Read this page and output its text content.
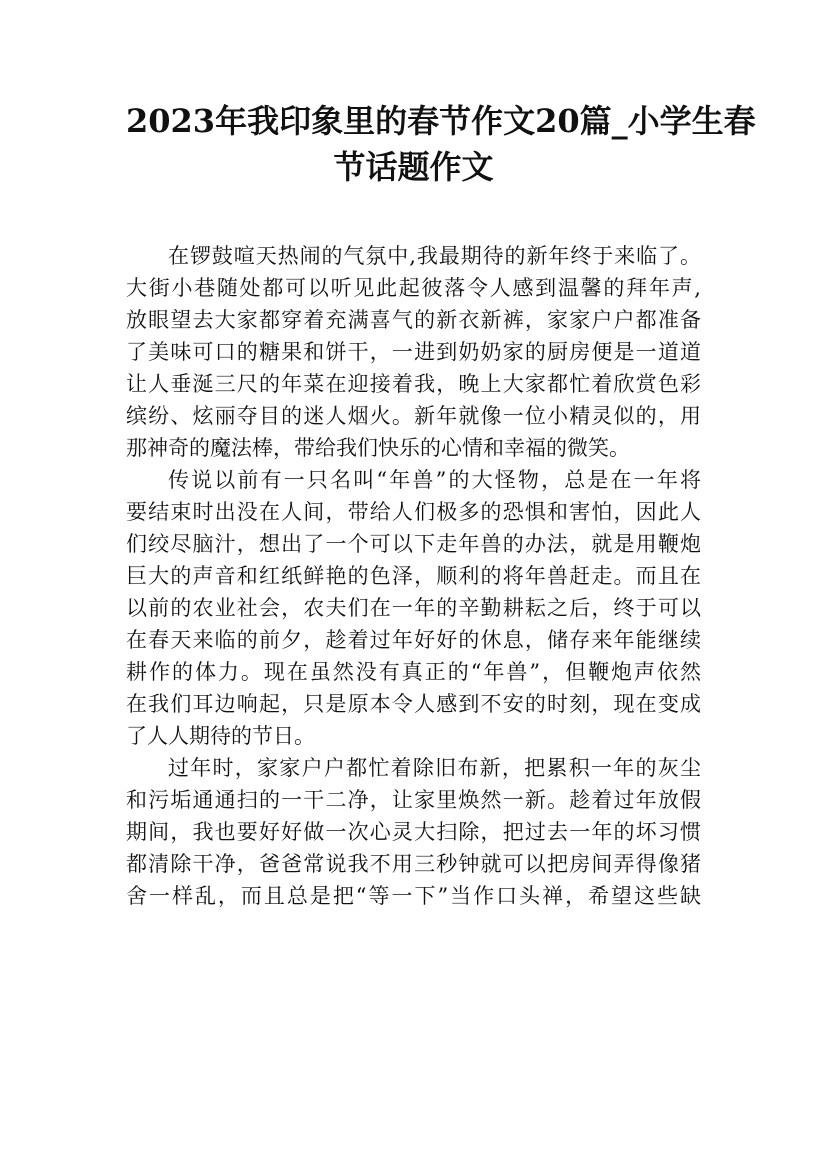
2023年我印象里的春节作文20篇_小学生春
节话题作文

在锣鼓喧天热闹的气氛中,我最期待的新年终于来临了。
大街小巷随处都可以听见此起彼落令人感到温馨的拜年声,
放眼望去大家都穿着充满喜气的新衣新裤，家家户户都准备
了美味可口的糖果和饼干，一进到奶奶家的厨房便是一道道
让人垂涎三尺的年菜在迎接着我，晚上大家都忙着欣赏色彩
缤纷、炫丽夺目的迷人烟火。新年就像一位小精灵似的，用
那神奇的魔法棒，带给我们快乐的心情和幸福的微笑。

传说以前有一只名叫“年兽”的大怪物，总是在一年将
要结束时出没在人间，带给人们极多的恐惧和害怕，因此人
们绞尽脑汁，想出了一个可以下走年兽的办法，就是用鞭炮
巨大的声音和红纸鲜艳的色泽，顺利的将年兽赶走。而且在
以前的农业社会，农夫们在一年的辛勤耕耘之后，终于可以
在春天来临的前夕，趁着过年好好的休息，储存来年能继续
耕作的体力。现在虽然没有真正的“年兽”，但鞭炮声依然
在我们耳边响起，只是原本令人感到不安的时刻，现在变成
了人人期待的节日。

过年时，家家户户都忙着除旧布新，把累积一年的灰尘
和污垢通通扫的一干二净，让家里焕然一新。趁着过年放假
期间，我也要好好做一次心灵大扫除，把过去一年的坏习惯
都清除干净，爸爸常说我不用三秒钟就可以把房间弄得像猪
舍一样乱，而且总是把“等一下”当作口头禅，希望这些缺
